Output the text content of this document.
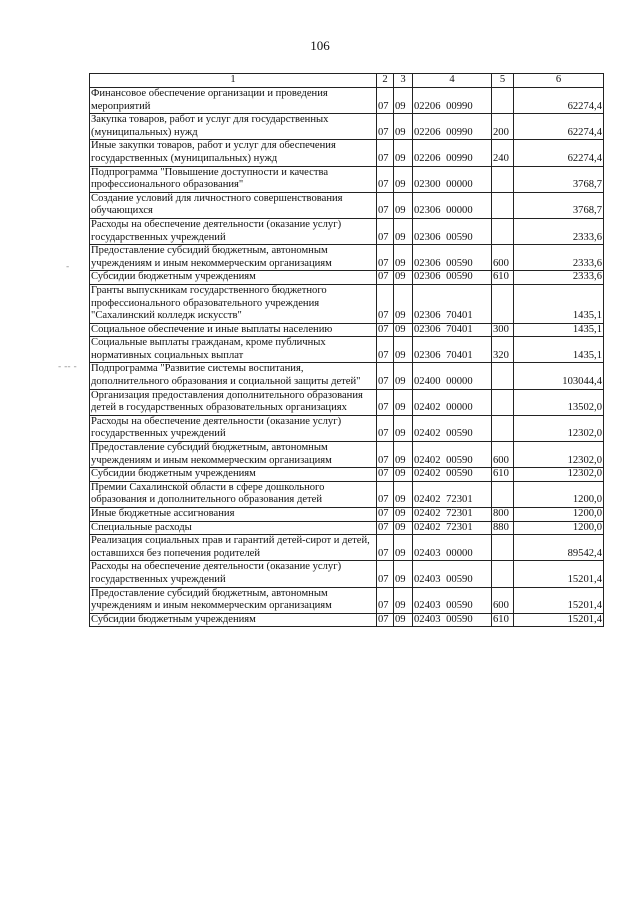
106
-
- -- -
1	2	3	4	5	6
Финансовое обеспечение организации и проведения мероприятий	07	09	02206 00990		62274,4
Закупка товаров, работ и услуг для государственных (муниципальных) нужд	07	09	02206 00990	200	62274,4
Иные закупки товаров, работ и услуг для обеспечения государственных (муниципальных) нужд	07	09	02206 00990	240	62274,4
Подпрограмма "Повышение доступности и качества профессионального образования"	07	09	02300 00000		3768,7
Создание условий для личностного совершенствования обучающихся	07	09	02306 00000		3768,7
Расходы на обеспечение деятельности (оказание услуг) государственных учреждений	07	09	02306 00590		2333,6
Предоставление субсидий бюджетным, автономным учреждениям и иным некоммерческим организациям	07	09	02306 00590	600	2333,6
Субсидии бюджетным учреждениям	07	09	02306 00590	610	2333,6
Гранты выпускникам государственного бюджетного профессионального образовательного учреждения "Сахалинский колледж искусств"	07	09	02306 70401		1435,1
Социальное обеспечение и иные выплаты населению	07	09	02306 70401	300	1435,1
Социальные выплаты гражданам, кроме публичных нормативных социальных выплат	07	09	02306 70401	320	1435,1
Подпрограмма "Развитие системы воспитания, дополнительного образования и социальной защиты детей"	07	09	02400 00000		103044,4
Организация предоставления дополнительного образования детей в государственных образовательных организациях	07	09	02402 00000		13502,0
Расходы на обеспечение деятельности (оказание услуг) государственных учреждений	07	09	02402 00590		12302,0
Предоставление субсидий бюджетным, автономным учреждениям и иным некоммерческим организациям	07	09	02402 00590	600	12302,0
Субсидии бюджетным учреждениям	07	09	02402 00590	610	12302,0
Премии Сахалинской области в сфере дошкольного образования и дополнительного образования детей	07	09	02402 72301		1200,0
Иные бюджетные ассигнования	07	09	02402 72301	800	1200,0
Специальные расходы	07	09	02402 72301	880	1200,0
Реализация социальных прав и гарантий детей-сирот и детей, оставшихся без попечения родителей	07	09	02403 00000		89542,4
Расходы на обеспечение деятельности (оказание услуг) государственных учреждений	07	09	02403 00590		15201,4
Предоставление субсидий бюджетным, автономным учреждениям и иным некоммерческим организациям	07	09	02403 00590	600	15201,4
Субсидии бюджетным учреждениям	07	09	02403 00590	610	15201,4
